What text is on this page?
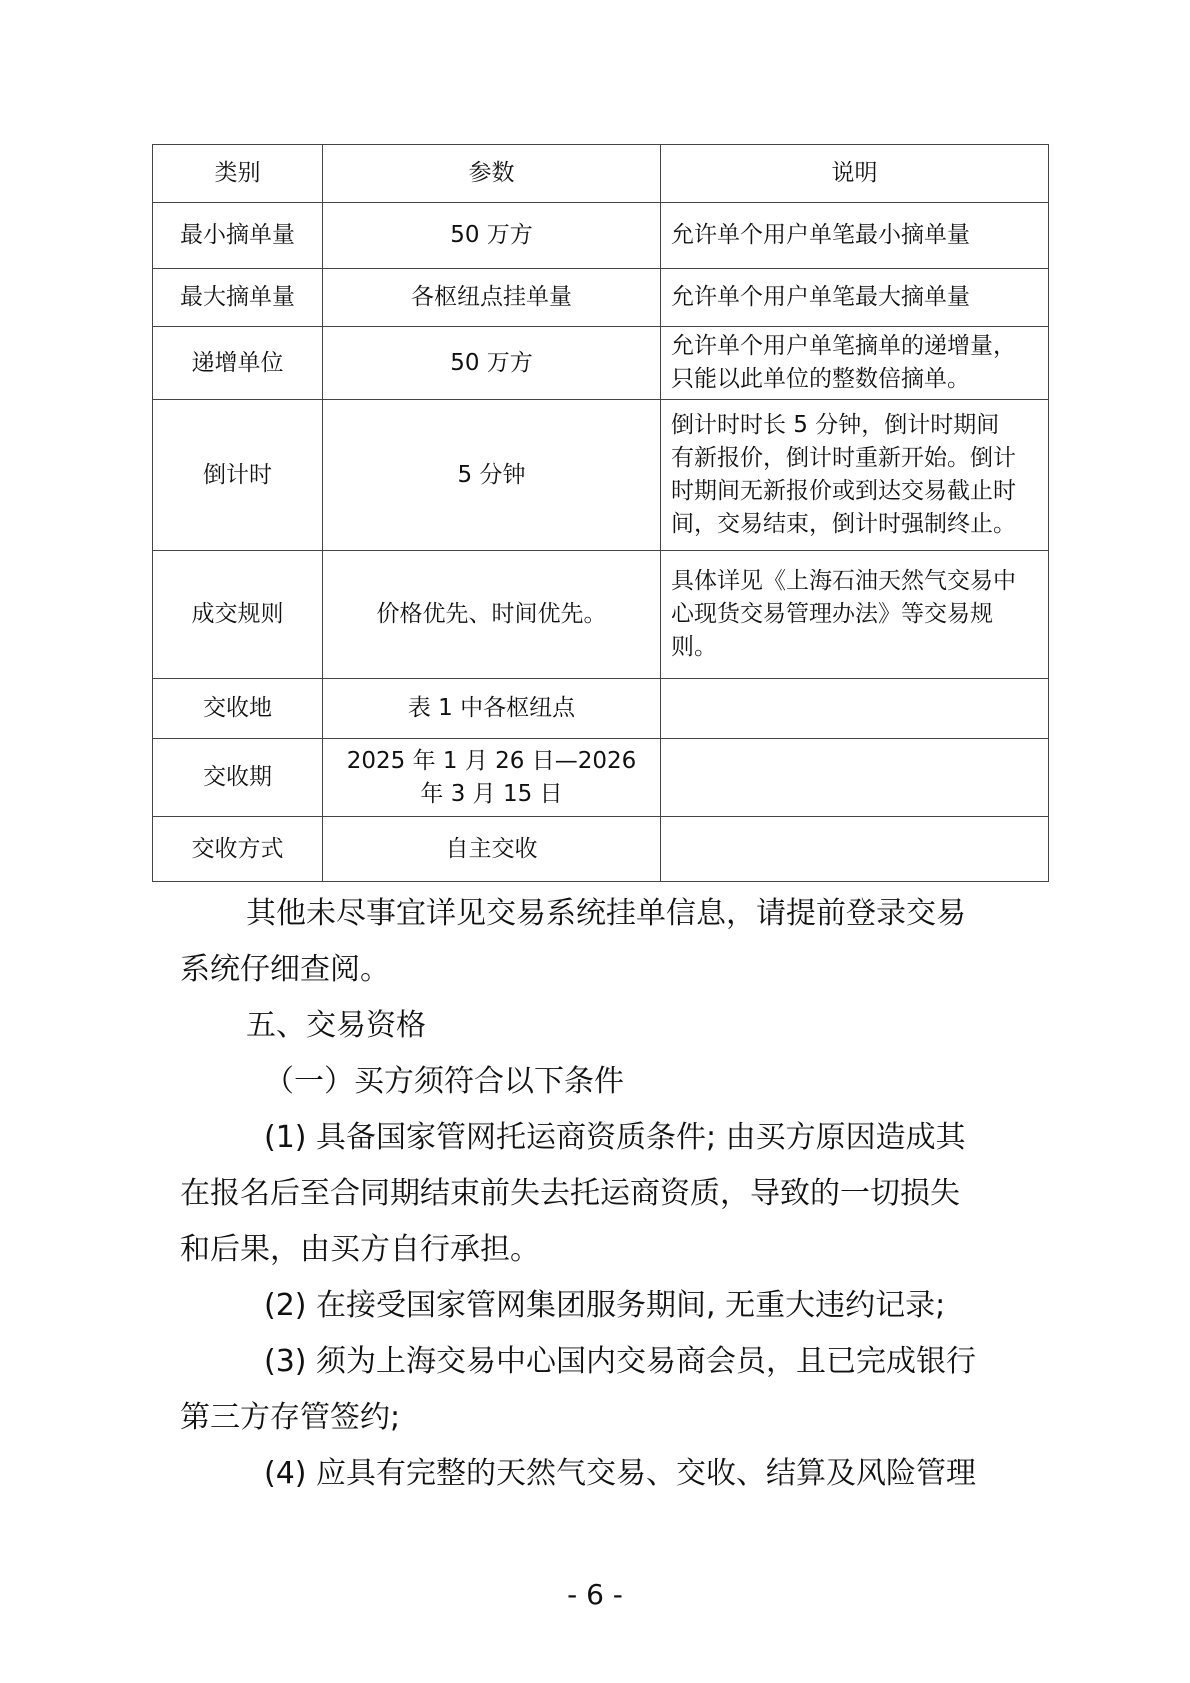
类别	参数	说明
最小摘单量	50 万方	允许单个用户单笔最小摘单量

最大摘单量	各枢纽点挂单量	允许单个用户单笔最大摘单量

递增单位	50 万方	允许单个用户单笔摘单的递增量，
只能以此单位的整数倍摘单。

倒计时	5 分钟	倒计时时长 5 分钟，倒计时期间
有新报价，倒计时重新开始。倒计
时期间无新报价或到达交易截止时
间，交易结束，倒计时强制终止。

成交规则	价格优先、时间优先。	具体详见《上海石油天然气交易中
心现货交易管理办法》等交易规
则。

交收地	表 1 中各枢纽点	
交收期	2025 年 1 月 26 日—2026
年 3 月 15 日	

交收方式	自主交收	
其他未尽事宜详见交易系统挂单信息，请提前登录交易
系统仔细查阅。
五、交易资格
（一）买方须符合以下条件
(1) 具备国家管网托运商资质条件; 由买方原因造成其
在报名后至合同期结束前失去托运商资质，导致的一切损失
和后果，由买方自行承担。
(2) 在接受国家管网集团服务期间, 无重大违约记录;
(3) 须为上海交易中心国内交易商会员，且已完成银行
第三方存管签约;
(4) 应具有完整的天然气交易、交收、结算及风险管理
- 6 -
